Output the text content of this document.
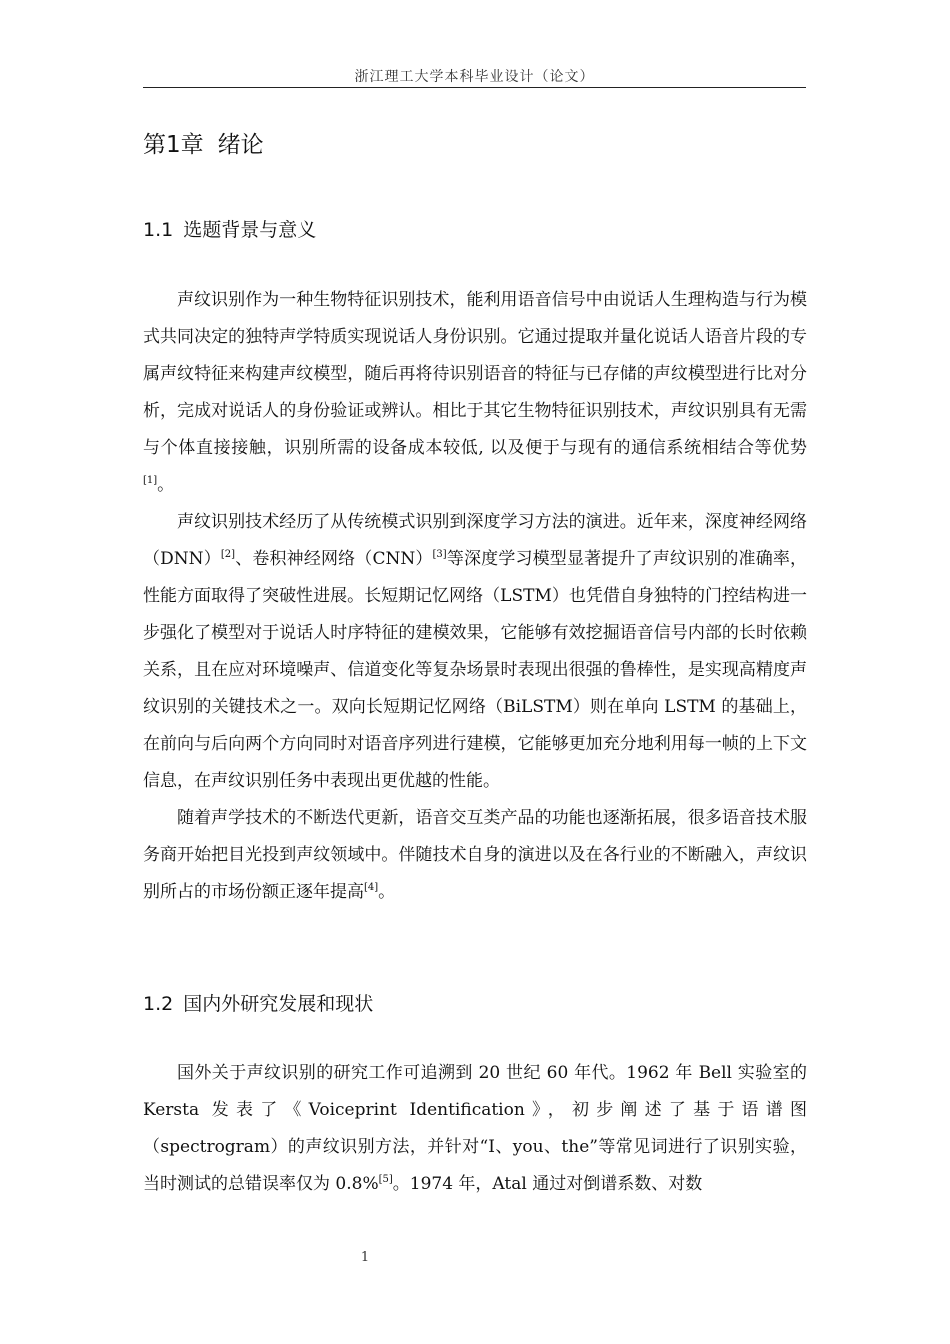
浙江理工大学本科毕业设计（论文）
第1章 绪论
1.1 选题背景与意义

声纹识别作为一种生物特征识别技术，能利用语音信号中由说话人生理构造与行为模式共同决定的独特声学特质实现说话人身份识别。它通过提取并量化说话人语音片段的专属声纹特征来构建声纹模型，随后再将待识别语音的特征与已存储的声纹模型进行比对分析，完成对说话人的身份验证或辨认。相比于其它生物特征识别技术，声纹识别具有无需与个体直接接触，识别所需的设备成本较低, 以及便于与现有的通信系统相结合等优势[1]。

声纹识别技术经历了从传统模式识别到深度学习方法的演进。近年来，深度神经网络（DNN）[2]、卷积神经网络（CNN）[3]等深度学习模型显著提升了声纹识别的准确率，性能方面取得了突破性进展。长短期记忆网络（LSTM）也凭借自身独特的门控结构进一步强化了模型对于说话人时序特征的建模效果，它能够有效挖掘语音信号内部的长时依赖关系，且在应对环境噪声、信道变化等复杂场景时表现出很强的鲁棒性，是实现高精度声纹识别的关键技术之一。双向长短期记忆网络（BiLSTM）则在单向 LSTM 的基础上，在前向与后向两个方向同时对语音序列进行建模，它能够更加充分地利用每一帧的上下文信息，在声纹识别任务中表现出更优越的性能。

随着声学技术的不断迭代更新，语音交互类产品的功能也逐渐拓展，很多语音技术服务商开始把目光投到声纹领域中。伴随技术自身的演进以及在各行业的不断融入，声纹识别所占的市场份额正逐年提高[4]。

1.2 国内外研究发展和现状

国外关于声纹识别的研究工作可追溯到 20 世纪 60 年代。1962 年 Bell 实验室的 Kersta 发表了《Voiceprint Identification》，初步阐述了基于语谱图（spectrogram）的声纹识别方法，并针对“I、you、the”等常见词进行了识别实验，当时测试的总错误率仅为 0.8%[5]。1974 年，Atal 通过对倒谱系数、对数

1
